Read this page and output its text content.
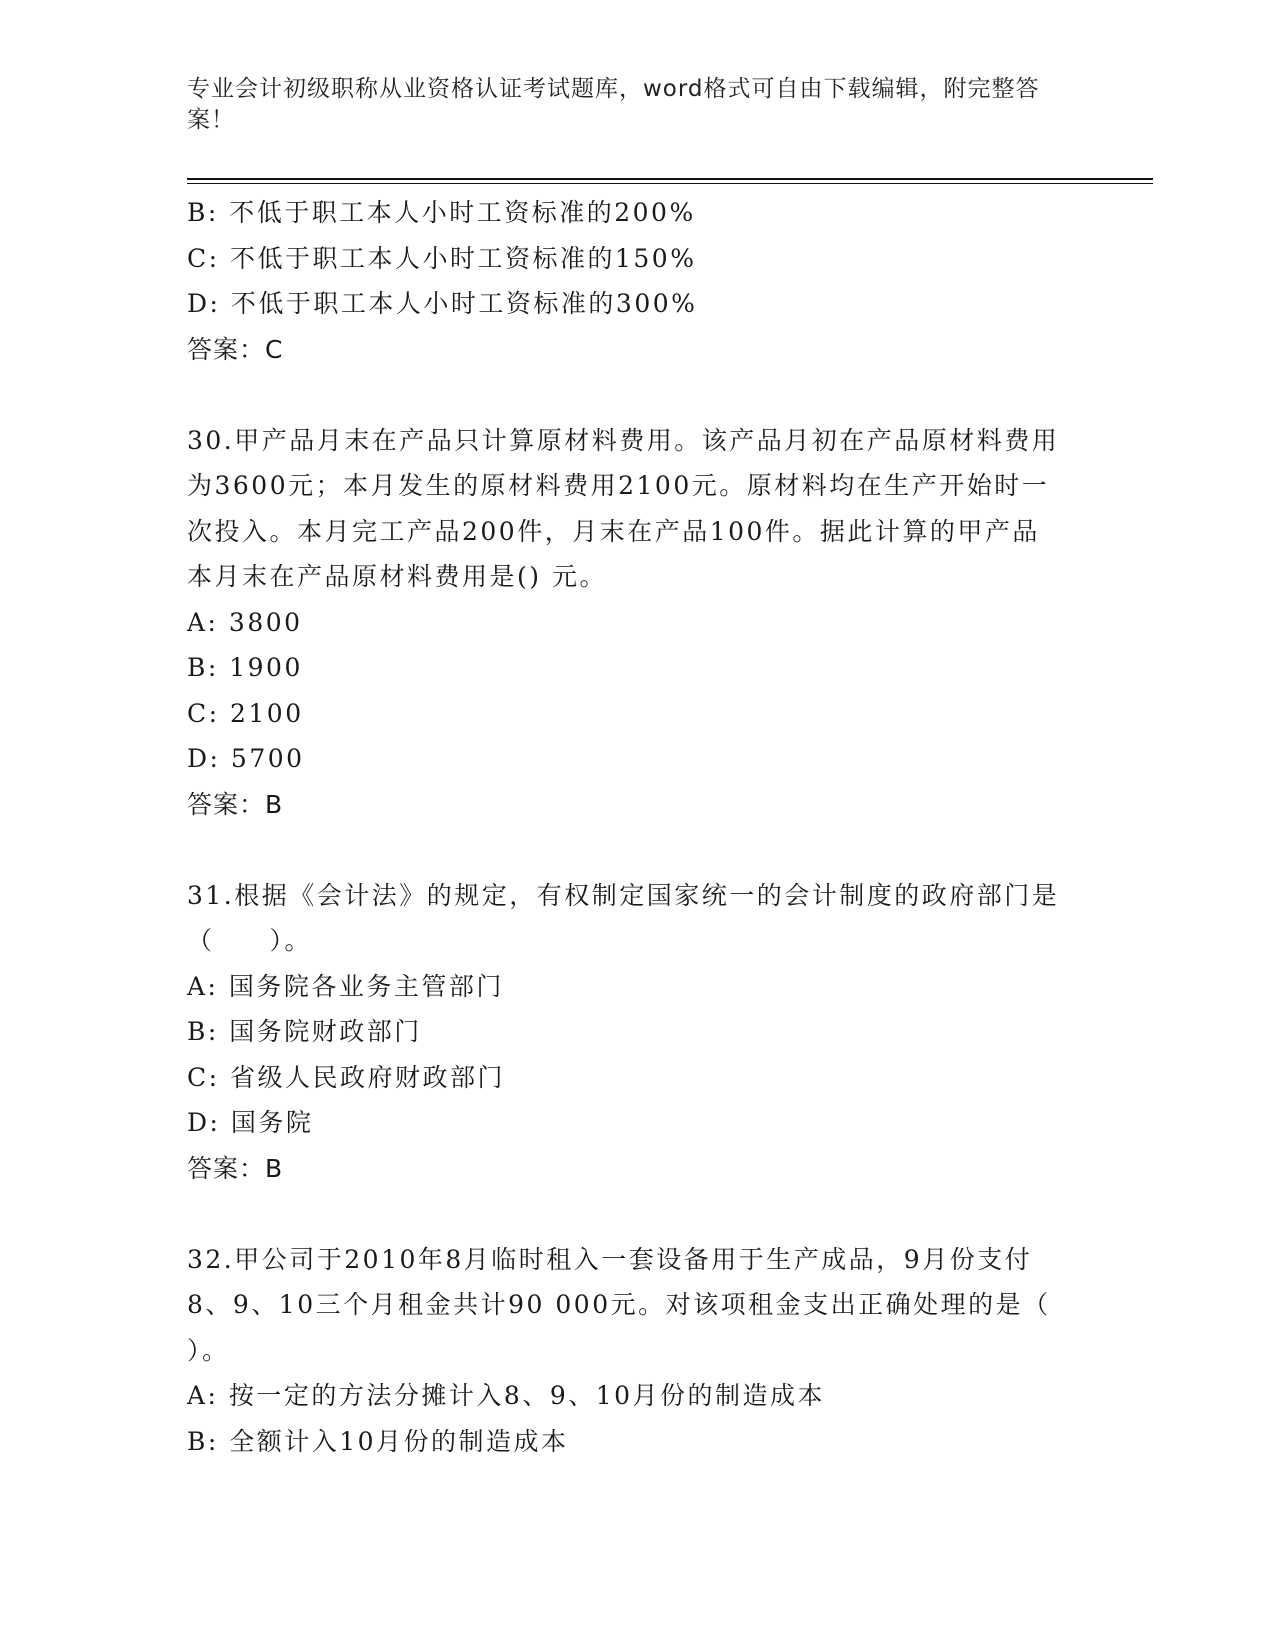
专业会计初级职称从业资格认证考试题库，word格式可自由下载编辑，附完整答案！
B: 不低于职工本人小时工资标准的200%
C: 不低于职工本人小时工资标准的150%
D: 不低于职工本人小时工资标准的300%
答案：C
30.甲产品月末在产品只计算原材料费用。该产品月初在产品原材料费用为3600元；本月发生的原材料费用2100元。原材料均在生产开始时一次投入。本月完工产品200件，月末在产品100件。据此计算的甲产品本月末在产品原材料费用是() 元。
A: 3800
B: 1900
C: 2100
D: 5700
答案：B
31.根据《会计法》的规定，有权制定国家统一的会计制度的政府部门是（　　）。
A: 国务院各业务主管部门
B: 国务院财政部门
C: 省级人民政府财政部门
D: 国务院
答案：B
32.甲公司于2010年8月临时租入一套设备用于生产成品，9月份支付8、9、10三个月租金共计90 000元。对该项租金支出正确处理的是（ ）。
A: 按一定的方法分摊计入8、9、10月份的制造成本
B: 全额计入10月份的制造成本
